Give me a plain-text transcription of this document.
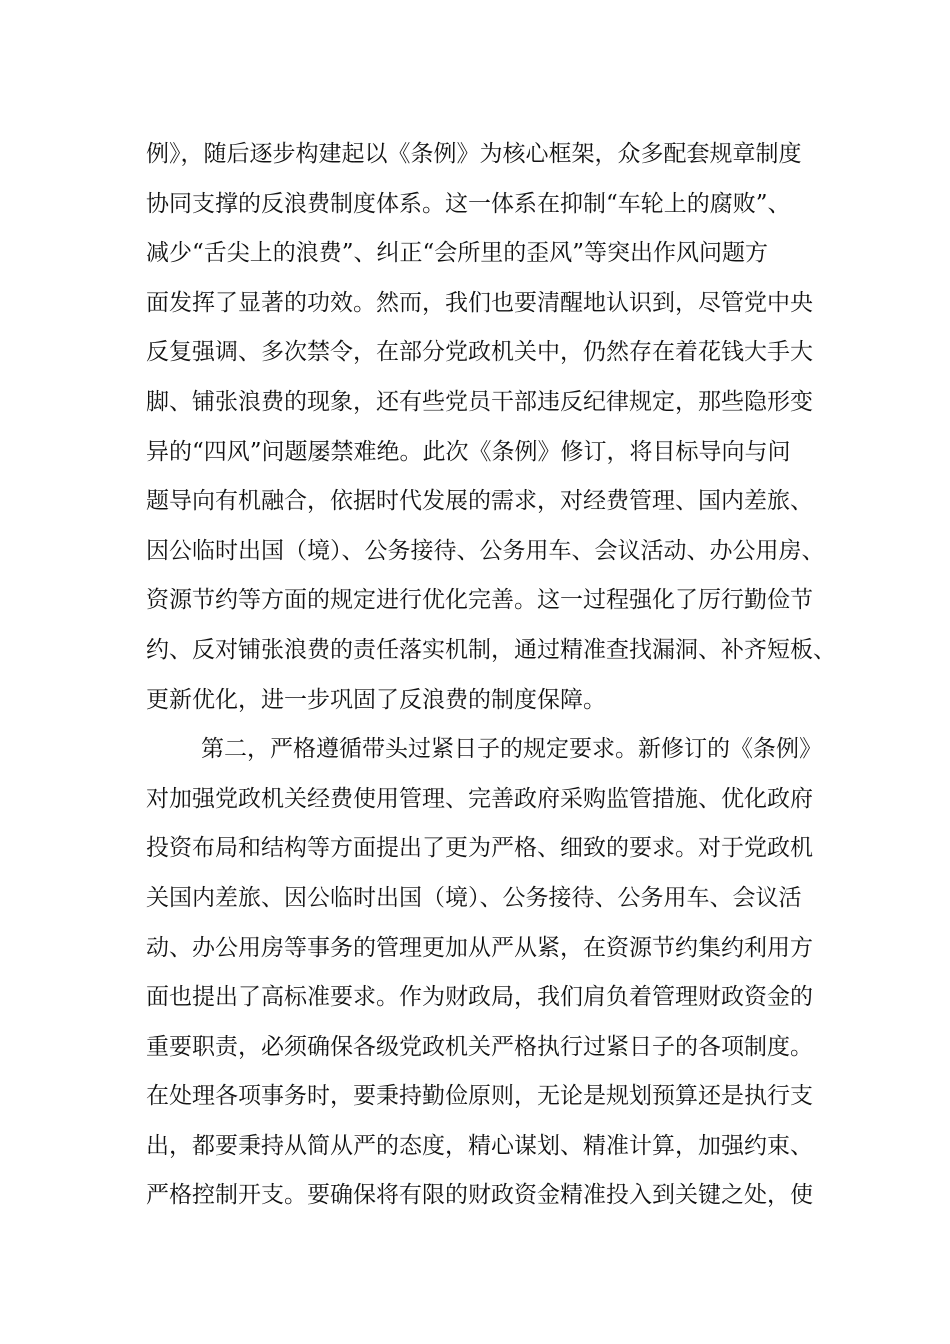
例》，随后逐步构建起以《条例》为核心框架，众多配套规章制度
协同支撑的反浪费制度体系。这一体系在抑制“车轮上的腐败”、
减少“舌尖上的浪费”、纠正“会所里的歪风”等突出作风问题方
面发挥了显著的功效。然而，我们也要清醒地认识到，尽管党中央
反复强调、多次禁令，在部分党政机关中，仍然存在着花钱大手大
脚、铺张浪费的现象，还有些党员干部违反纪律规定，那些隐形变
异的“四风”问题屡禁难绝。此次《条例》修订，将目标导向与问
题导向有机融合，依据时代发展的需求，对经费管理、国内差旅、
因公临时出国（境）、公务接待、公务用车、会议活动、办公用房、
资源节约等方面的规定进行优化完善。这一过程强化了厉行勤俭节
约、反对铺张浪费的责任落实机制，通过精准查找漏洞、补齐短板、
更新优化，进一步巩固了反浪费的制度保障。
第二，严格遵循带头过紧日子的规定要求。新修订的《条例》
对加强党政机关经费使用管理、完善政府采购监管措施、优化政府
投资布局和结构等方面提出了更为严格、细致的要求。对于党政机
关国内差旅、因公临时出国（境）、公务接待、公务用车、会议活
动、办公用房等事务的管理更加从严从紧，在资源节约集约利用方
面也提出了高标准要求。作为财政局，我们肩负着管理财政资金的
重要职责，必须确保各级党政机关严格执行过紧日子的各项制度。
在处理各项事务时，要秉持勤俭原则，无论是规划预算还是执行支
出，都要秉持从简从严的态度，精心谋划、精准计算，加强约束、
严格控制开支。要确保将有限的财政资金精准投入到关键之处，使
